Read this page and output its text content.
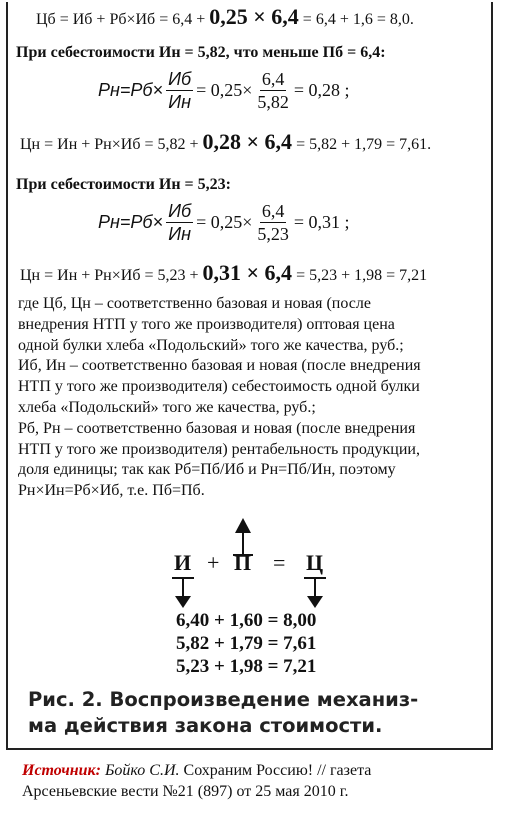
Цб = Иб + Рб×Иб = 6,4 + 0,25 × 6,4 = 6,4 + 1,6 = 8,0.
При себестоимости Ин = 5,82, что меньше Пб = 6,4:
Рн=Рб×
Иб
Ин
= $0,25\times \frac{6,4}{5,82} = 0,28$ ;
Цн = Ин + Рн×Иб = 5,82 + 0,28 × 6,4 = 5,82 + 1,79 = 7,61.
При себестоимости Ин = 5,23:
Рн=Рб×
Иб
Ин
= $0,25\times \frac{6,4}{5,23} = 0,31$ ;
Цн = Ин + Рн×Иб = 5,23 + 0,31 × 6,4 = 5,23 + 1,98 = 7,21
где Цб, Цн – соответственно базовая и новая (после
внедрения НТП у того же производителя) оптовая цена
одной булки хлеба «Подольский» того же качества, руб.;
Иб, Ин – соответственно базовая и новая (после внедрения
НТП у того же производителя) себестоимость одной булки
хлеба «Подольский» того же качества, руб.;
Рб, Рн – соответственно базовая и новая (после внедрения
НТП у того же производителя) рентабельность продукции,
доля единицы; так как Рб=Пб/Иб и Рн=Пб/Ин, поэтому
Рн×Ин=Рб×Иб, т.е. Пб=Пб.
И + П = Ц
6,40 + 1,60 = 8,00
5,82 + 1,79 = 7,61
5,23 + 1,98 = 7,21
Рис. 2. Воспроизведение механиз-
ма действия закона стоимости.
Источник: Бойко С.И. Сохраним Россию! // газета
Арсеньевские вести №21 (897) от 25 мая 2010 г.
